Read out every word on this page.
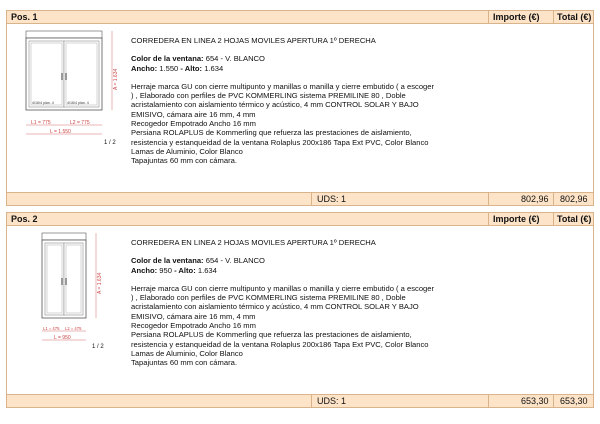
Pos. 1	Importe (€) Total (€)
4/16/4 plan. 4	4/16/4 plan. 4
A = 1.634
L1 = 775	L2 = 775
L = 1.550
1 / 2

CORREDERA EN LINEA 2 HOJAS MOVILES APERTURA 1º DERECHA

Color de la ventana: 654 - V. BLANCO

Ancho: 1.550 - Alto: 1.634

Herraje marca GU con cierre multipunto y manillas o manilla y cierre embutido ( a escoger

) , Elaborado con perfiles de PVC KOMMERLING sistema PREMILINE 80 , Doble

acristalamiento con aislamiento térmico y acústico, 4 mm CONTROL SOLAR Y BAJO

EMISIVO, cámara aire 16 mm, 4 mm

Recogedor Empotrado Ancho 16 mm

Persiana ROLAPLUS de Kommerling que refuerza las prestaciones de aislamiento,

resistencia y estanqueidad de la ventana Rolaplus 200x186 Tapa Ext PVC, Color Blanco

Lamas de Aluminio, Color Blanco

Tapajuntas 60 mm con cámara.

UDS: 1	802,96 802,96
Pos. 2	Importe (€) Total (€)
A = 1.634
L1 = 475 L2 = 475
L = 950
1 / 2

CORREDERA EN LINEA 2 HOJAS MOVILES APERTURA 1º DERECHA

Color de la ventana: 654 - V. BLANCO

Ancho: 950 - Alto: 1.634

Herraje marca GU con cierre multipunto y manillas o manilla y cierre embutido ( a escoger

) , Elaborado con perfiles de PVC KOMMERLING sistema PREMILINE 80 , Doble

acristalamiento con aislamiento térmico y acústico, 4 mm CONTROL SOLAR Y BAJO

EMISIVO, cámara aire 16 mm, 4 mm

Recogedor Empotrado Ancho 16 mm

Persiana ROLAPLUS de Kommerling que refuerza las prestaciones de aislamiento,

resistencia y estanqueidad de la ventana Rolaplus 200x186 Tapa Ext PVC, Color Blanco

Lamas de Aluminio, Color Blanco

Tapajuntas 60 mm con cámara.

UDS: 1	653,30 653,30
